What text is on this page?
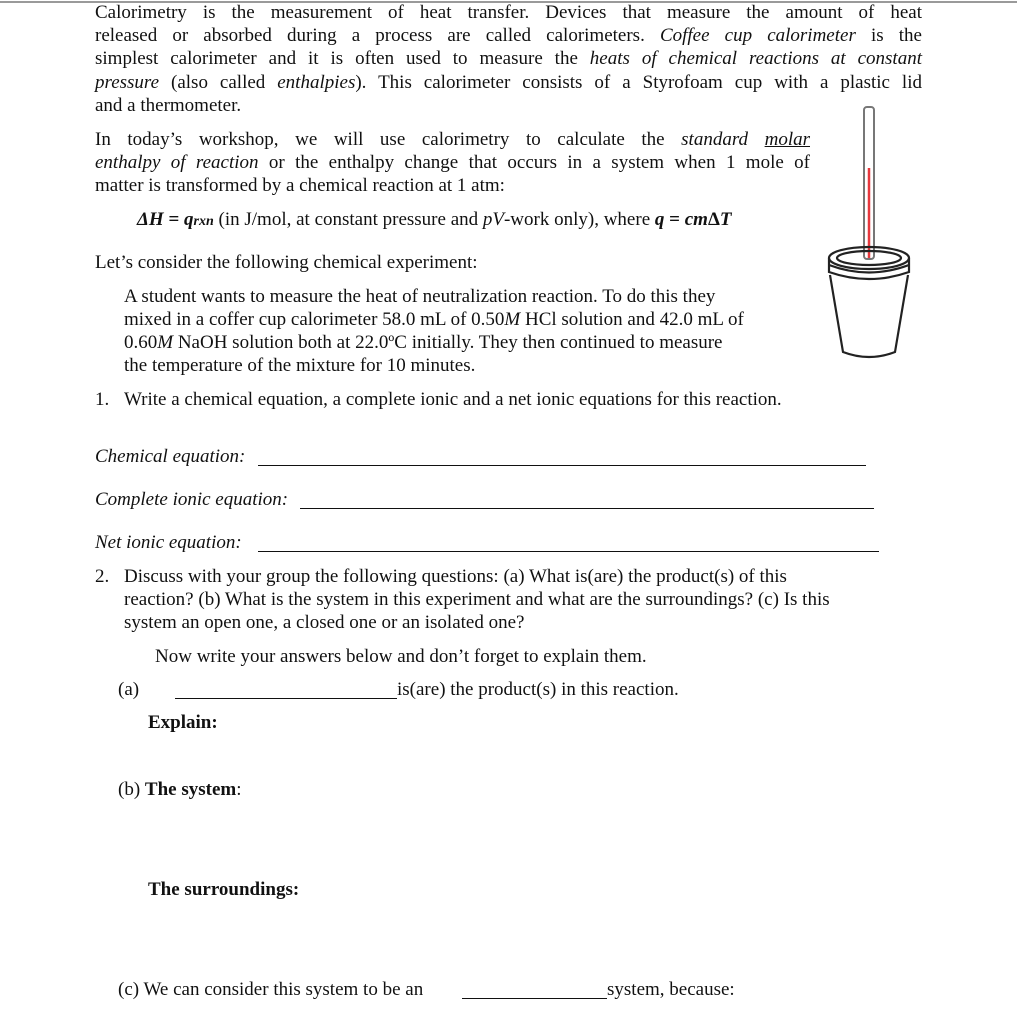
Calorimetry is the measurement of heat transfer. Devices that measure the amount of heat
released or absorbed during a process are called calorimeters. Coffee cup calorimeter is the
simplest calorimeter and it is often used to measure the heats of chemical reactions at constant
pressure (also called enthalpies). This calorimeter consists of a Styrofoam cup with a plastic lid
and a thermometer.
In today’s workshop, we will use calorimetry to calculate the standard molar
enthalpy of reaction or the enthalpy change that occurs in a system when 1 mole of
matter is transformed by a chemical reaction at 1 atm:
ΔH = qrxn (in J/mol, at constant pressure and pV-work only), where q = cmΔT
Let’s consider the following chemical experiment:
A student wants to measure the heat of neutralization reaction. To do this they
mixed in a coffer cup calorimeter 58.0 mL of 0.50M HCl solution and 42.0 mL of
0.60M NaOH solution both at 22.0ºC initially. They then continued to measure
the temperature of the mixture for 10 minutes.
1. Write a chemical equation, a complete ionic and a net ionic equations for this reaction.
Chemical equation:
Complete ionic equation:
Net ionic equation:
2. Discuss with your group the following questions: (a) What is(are) the product(s) of this
reaction? (b) What is the system in this experiment and what are the surroundings? (c) Is this
system an open one, a closed one or an isolated one?
Now write your answers below and don’t forget to explain them.
(a)	is(are) the product(s) in this reaction.
Explain:
(b) The system:
The surroundings:
(c) We can consider this system to be an	system, because:
